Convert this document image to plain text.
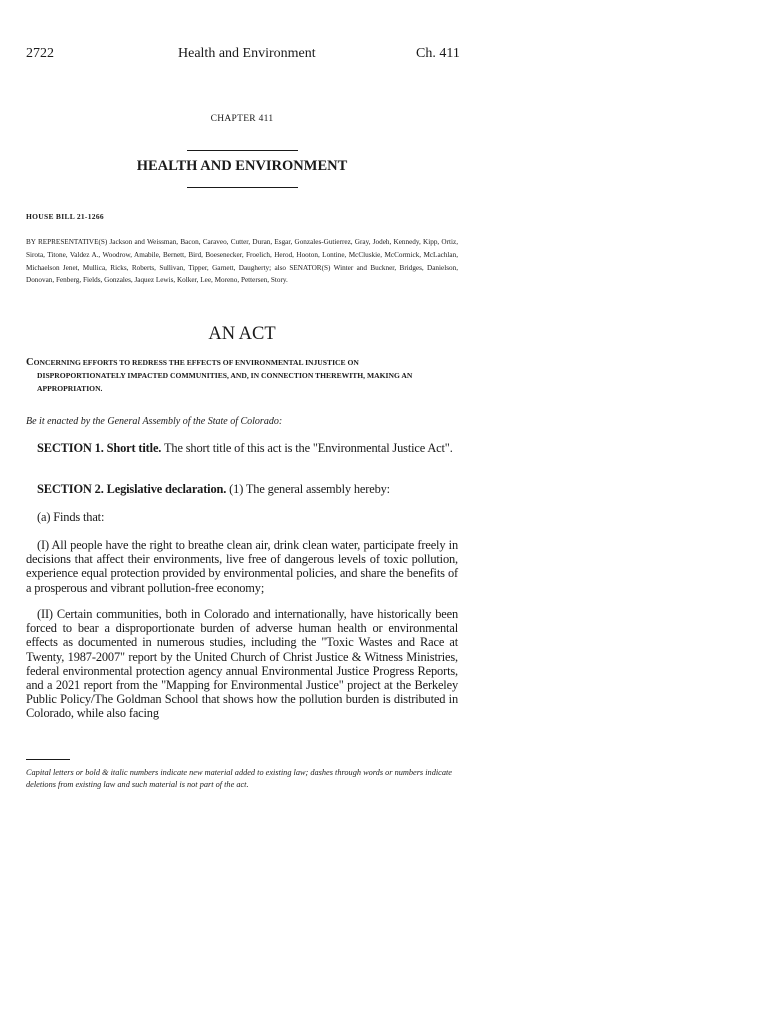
2722	Health and Environment	Ch. 411
CHAPTER 411
HEALTH AND ENVIRONMENT
HOUSE BILL 21-1266
BY REPRESENTATIVE(S) Jackson and Weissman, Bacon, Caraveo, Cutter, Duran, Esgar, Gonzales-Gutierrez, Gray, Jodeh, Kennedy, Kipp, Ortiz, Sirota, Titone, Valdez A., Woodrow, Amabile, Bernett, Bird, Boesenecker, Froelich, Herod, Hooton, Lontine, McCluskie, McCormick, McLachlan, Michaelson Jenet, Mullica, Ricks, Roberts, Sullivan, Tipper, Garnett, Daugherty; also SENATOR(S) Winter and Buckner, Bridges, Danielson, Donovan, Fenberg, Fields, Gonzales, Jaquez Lewis, Kolker, Lee, Moreno, Pettersen, Story.
AN ACT
CONCERNING EFFORTS TO REDRESS THE EFFECTS OF ENVIRONMENTAL INJUSTICE ON
DISPROPORTIONATELY IMPACTED COMMUNITIES, AND, IN CONNECTION THEREWITH, MAKING AN
APPROPRIATION.
Be it enacted by the General Assembly of the State of Colorado:
SECTION 1. Short title. The short title of this act is the "Environmental Justice Act".
SECTION 2. Legislative declaration. (1) The general assembly hereby:
(a) Finds that:
(I) All people have the right to breathe clean air, drink clean water, participate freely in decisions that affect their environments, live free of dangerous levels of toxic pollution, experience equal protection provided by environmental policies, and share the benefits of a prosperous and vibrant pollution-free economy;
(II) Certain communities, both in Colorado and internationally, have historically been forced to bear a disproportionate burden of adverse human health or environmental effects as documented in numerous studies, including the "Toxic Wastes and Race at Twenty, 1987-2007" report by the United Church of Christ Justice & Witness Ministries, federal environmental protection agency annual Environmental Justice Progress Reports, and a 2021 report from the "Mapping for Environmental Justice" project at the Berkeley Public Policy/The Goldman School that shows how the pollution burden is distributed in Colorado, while also facing
Capital letters or bold & italic numbers indicate new material added to existing law; dashes through words or numbers indicate deletions from existing law and such material is not part of the act.
